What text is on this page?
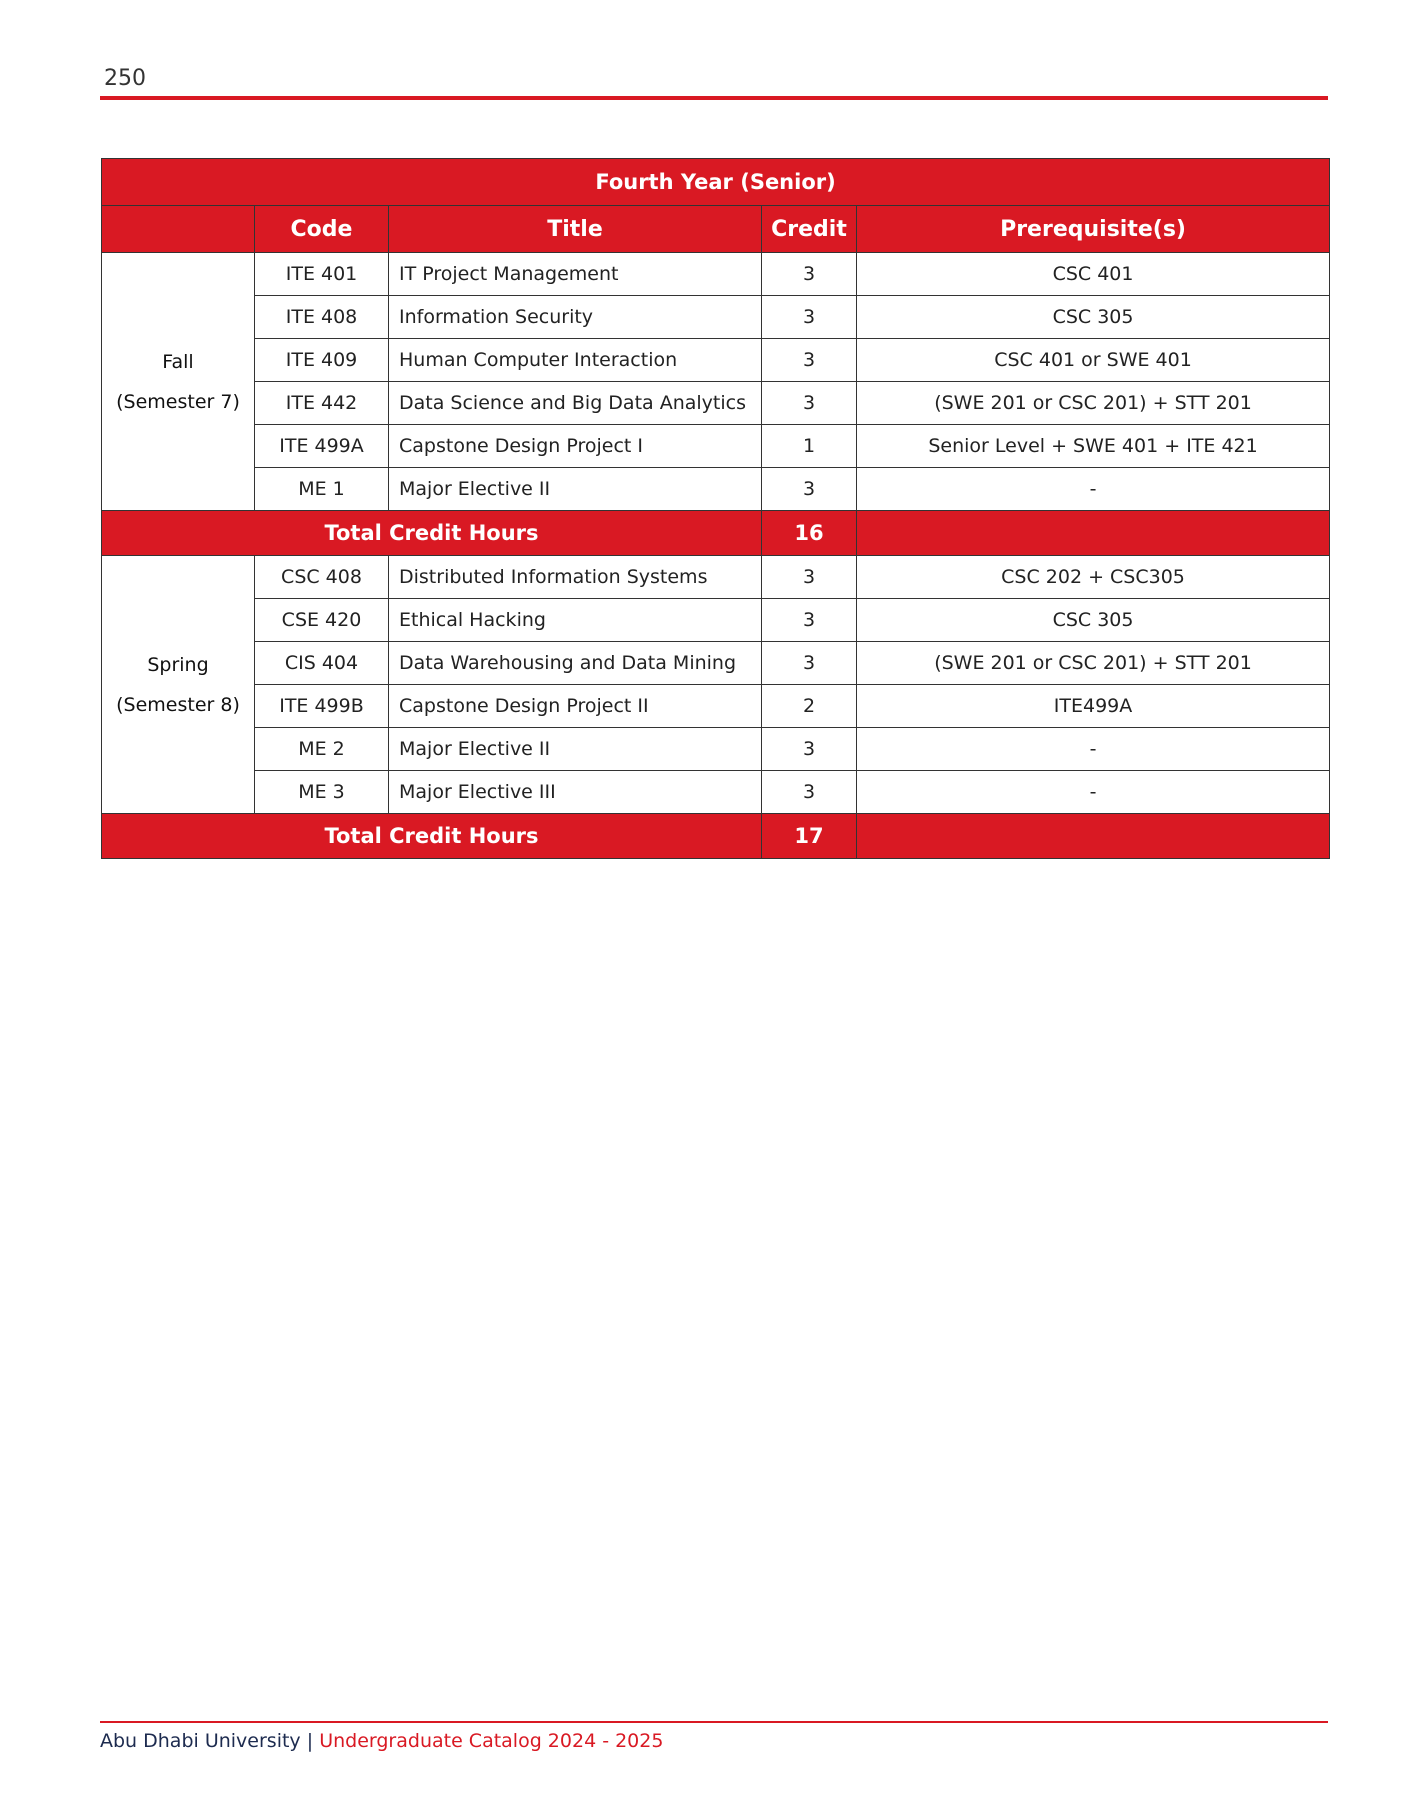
250
Fourth Year (Senior)				
	Code	Title	Credit	Prerequisite(s)

Fall
(Semester 7)	ITE 401	IT Project Management	3	CSC 401
	ITE 408	Information Security	3	CSC 305
	ITE 409	Human Computer Interaction	3	CSC 401 or SWE 401
	ITE 442	Data Science and Big Data Analytics	3	(SWE 201 or CSC 201) + STT 201
	ITE 499A	Capstone Design Project I	1	Senior Level + SWE 401 + ITE 421
	ME 1	Major Elective II	3	-
Total Credit Hours			16	

Spring
(Semester 8)	CSC 408	Distributed Information Systems	3	CSC 202 + CSC305
	CSE 420	Ethical Hacking	3	CSC 305
	CIS 404	Data Warehousing and Data Mining	3	(SWE 201 or CSC 201) + STT 201
	ITE 499B	Capstone Design Project II	2	ITE499A
	ME 2	Major Elective II	3	-
	ME 3	Major Elective III	3	-
Total Credit Hours			17	
Abu Dhabi University | Undergraduate Catalog 2024 - 2025
